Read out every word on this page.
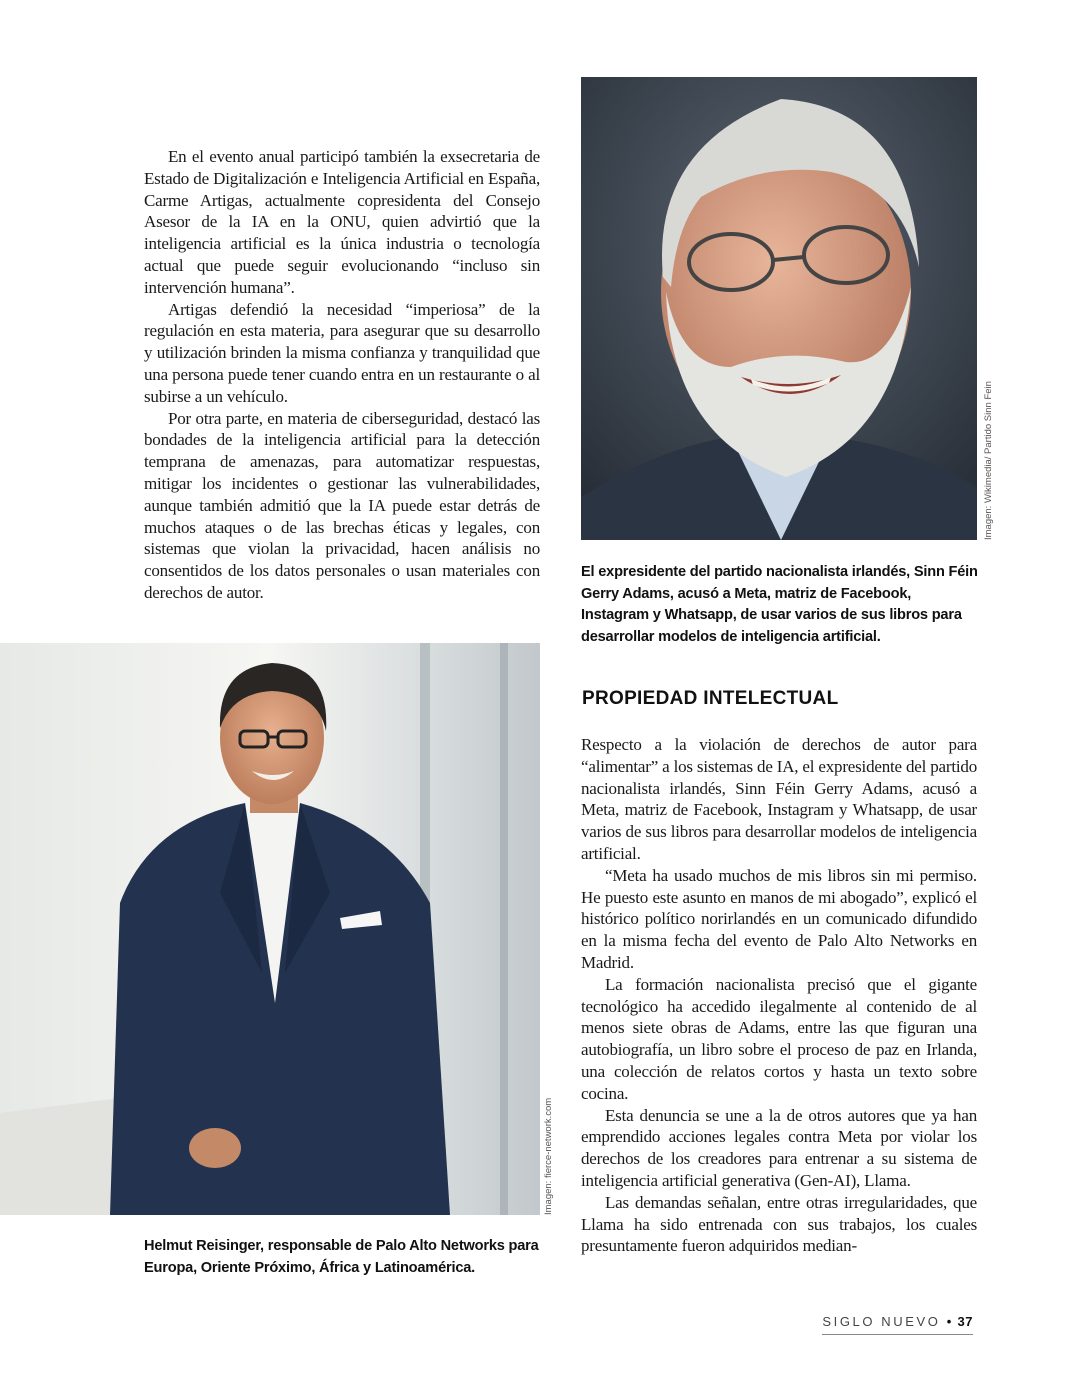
En el evento anual participó también la exsecretaria de Estado de Digitalización e Inteligencia Artificial en España, Carme Artigas, actualmente copresidenta del Consejo Asesor de la IA en la ONU, quien advirtió que la inteligencia artificial es la única industria o tecnología actual que puede seguir evolucionando “incluso sin intervención humana”.

Artigas defendió la necesidad “imperiosa” de la regulación en esta materia, para asegurar que su desarrollo y utilización brinden la misma confianza y tranquilidad que una persona puede tener cuando entra en un restaurante o al subirse a un vehículo.

Por otra parte, en materia de ciberseguridad, destacó las bondades de la inteligencia artificial para la detección temprana de amenazas, para automatizar respuestas, mitigar los incidentes o gestionar las vulnerabilidades, aunque también admitió que la IA puede estar detrás de muchos ataques o de las brechas éticas y legales, con sistemas que violan la privacidad, hacen análisis no consentidos de los datos personales o usan materiales con derechos de autor.

Imagen: Wikimedia/ Partido Sinn Fein
El expresidente del partido nacionalista irlandés, Sinn Féin Gerry Adams, acusó a Meta, matriz de Facebook, Instagram y Whatsapp, de usar varios de sus libros para desarrollar modelos de inteligencia artificial.
PROPIEDAD INTELECTUAL

Respecto a la violación de derechos de autor para “alimentar” a los sistemas de IA, el expresidente del partido nacionalista irlandés, Sinn Féin Gerry Adams, acusó a Meta, matriz de Facebook, Instagram y Whatsapp, de usar varios de sus libros para desarrollar modelos de inteligencia artificial.

“Meta ha usado muchos de mis libros sin mi permiso. He puesto este asunto en manos de mi abogado”, explicó el histórico político norirlandés en un comunicado difundido en la misma fecha del evento de Palo Alto Networks en Madrid.

La formación nacionalista precisó que el gigante tecnológico ha accedido ilegalmente al contenido de al menos siete obras de Adams, entre las que figuran una autobiografía, un libro sobre el proceso de paz en Irlanda, una colección de relatos cortos y hasta un texto sobre cocina.

Esta denuncia se une a la de otros autores que ya han emprendido acciones legales contra Meta por violar los derechos de los creadores para entrenar a su sistema de inteligencia artificial generativa (Gen-AI), Llama.

Las demandas señalan, entre otras irregularidades, que Llama ha sido entrenada con sus trabajos, los cuales presuntamente fueron adquiridos median-

Imagen: fierce-network.com
Helmut Reisinger, responsable de Palo Alto Networks para Europa, Oriente Próximo, África y Latinoamérica.
SIGLO NUEVO • 37
